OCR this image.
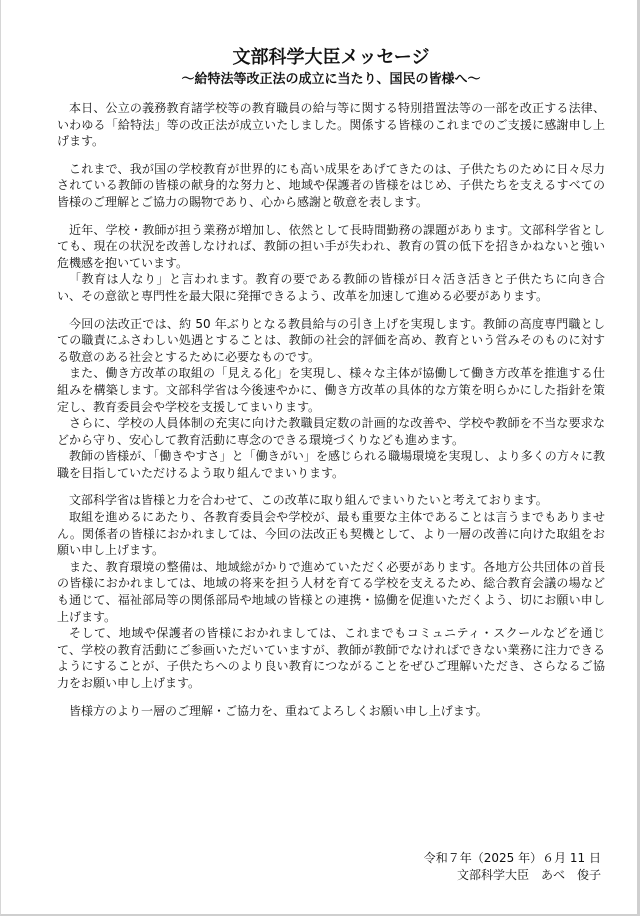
文部科学大臣メッセージ
～給特法等改正法の成立に当たり、国民の皆様へ～

本日、公立の義務教育諸学校等の教育職員の給与等に関する特別措置法等の一部を改正する法律、いわゆる「給特法」等の改正法が成立いたしました。関係する皆様のこれまでのご支援に感謝申し上げます。

これまで、我が国の学校教育が世界的にも高い成果をあげてきたのは、子供たちのために日々尽力されている教師の皆様の献身的な努力と、地域や保護者の皆様をはじめ、子供たちを支えるすべての皆様のご理解とご協力の賜物であり、心から感謝と敬意を表します。

近年、学校・教師が担う業務が増加し、依然として長時間勤務の課題があります。文部科学省としても、現在の状況を改善しなければ、教師の担い手が失われ、教育の質の低下を招きかねないと強い危機感を抱いています。

「教育は人なり」と言われます。教育の要である教師の皆様が日々活き活きと子供たちに向き合い、その意欲と専門性を最大限に発揮できるよう、改革を加速して進める必要があります。

今回の法改正では、約 50 年ぶりとなる教員給与の引き上げを実現します。教師の高度専門職としての職責にふさわしい処遇とすることは、教師の社会的評価を高め、教育という営みそのものに対する敬意のある社会とするために必要なものです。

また、働き方改革の取組の「見える化」を実現し、様々な主体が協働して働き方改革を推進する仕組みを構築します。文部科学省は今後速やかに、働き方改革の具体的な方策を明らかにした指針を策定し、教育委員会や学校を支援してまいります。

さらに、学校の人員体制の充実に向けた教職員定数の計画的な改善や、学校や教師を不当な要求などから守り、安心して教育活動に専念のできる環境づくりなども進めます。

教師の皆様が、「働きやすさ」と「働きがい」を感じられる職場環境を実現し、より多くの方々に教職を目指していただけるよう取り組んでまいります。

文部科学省は皆様と力を合わせて、この改革に取り組んでまいりたいと考えております。

取組を進めるにあたり、各教育委員会や学校が、最も重要な主体であることは言うまでもありません。関係者の皆様におかれましては、今回の法改正も契機として、より一層の改善に向けた取組をお願い申し上げます。

また、教育環境の整備は、地域総がかりで進めていただく必要があります。各地方公共団体の首長の皆様におかれましては、地域の将来を担う人材を育てる学校を支えるため、総合教育会議の場なども通じて、福祉部局等の関係部局や地域の皆様との連携・協働を促進いただくよう、切にお願い申し上げます。

そして、地域や保護者の皆様におかれましては、これまでもコミュニティ・スクールなどを通じて、学校の教育活動にご参画いただいていますが、教師が教師でなければできない業務に注力できるようにすることが、子供たちへのより良い教育につながることをぜひご理解いただき、さらなるご協力をお願い申し上げます。

皆様方のより一層のご理解・ご協力を、重ねてよろしくお願い申し上げます。

令和７年（2025 年）６月 11 日
文部科学大臣　あべ　俊子
